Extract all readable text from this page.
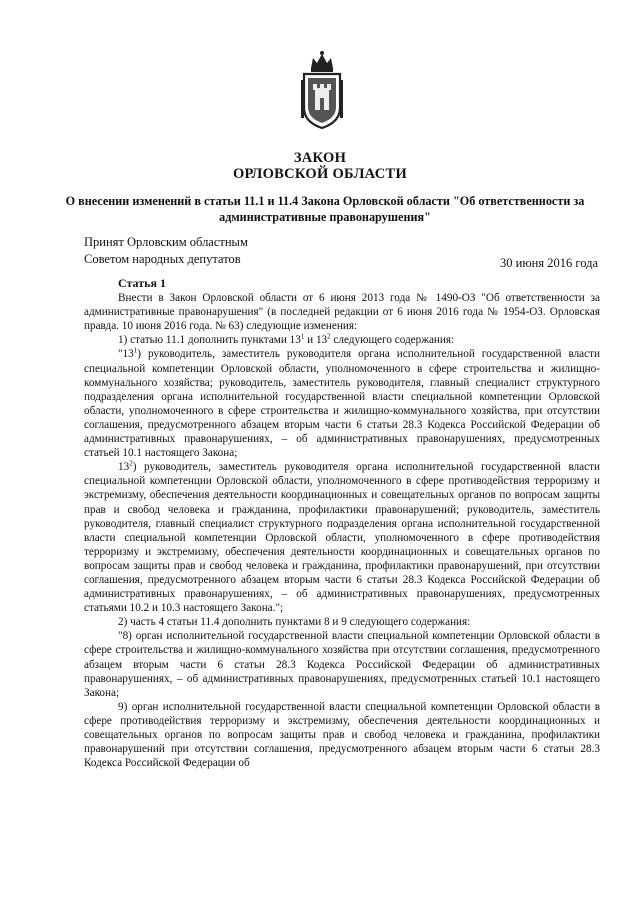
ЗАКОН
ОРЛОВСКОЙ ОБЛАСТИ
О внесении изменений в статьи 11.1 и 11.4 Закона Орловской области "Об ответственности за административные правонарушения"
Принят Орловским областным
Советом народных депутатов	30 июня 2016 года

Статья 1

Внести в Закон Орловской области от 6 июня 2013 года № 1490-ОЗ "Об ответственности за административные правонарушения" (в последней редакции от 6 июня 2016 года № 1954-ОЗ. Орловская правда. 10 июня 2016 года. № 63) следующие изменения:

1) статью 11.1 дополнить пунктами $13^1$ и $13^2$ следующего содержания:

"$13^1$) руководитель, заместитель руководителя органа исполнительной государственной власти специальной компетенции Орловской области, уполномоченного в сфере строительства и жилищно-коммунального хозяйства; руководитель, заместитель руководителя, главный специалист структурного подразделения органа исполнительной государственной власти специальной компетенции Орловской области, уполномоченного в сфере строительства и жилищно-коммунального хозяйства, при отсутствии соглашения, предусмотренного абзацем вторым части 6 статьи 28.3 Кодекса Российской Федерации об административных правонарушениях, – об административных правонарушениях, предусмотренных статьей 10.1 настоящего Закона;

$13^2$) руководитель, заместитель руководителя органа исполнительной государственной власти специальной компетенции Орловской области, уполномоченного в сфере противодействия терроризму и экстремизму, обеспечения деятельности координационных и совещательных органов по вопросам защиты прав и свобод человека и гражданина, профилактики правонарушений; руководитель, заместитель руководителя, главный специалист структурного подразделения органа исполнительной государственной власти специальной компетенции Орловской области, уполномоченного в сфере противодействия терроризму и экстремизму, обеспечения деятельности координационных и совещательных органов по вопросам защиты прав и свобод человека и гражданина, профилактики правонарушений, при отсутствии соглашения, предусмотренного абзацем вторым части 6 статьи 28.3 Кодекса Российской Федерации об административных правонарушениях, – об административных правонарушениях, предусмотренных статьями 10.2 и 10.3 настоящего Закона.";

2) часть 4 статьи 11.4 дополнить пунктами 8 и 9 следующего содержания:

"8) орган исполнительной государственной власти специальной компетенции Орловской области в сфере строительства и жилищно-коммунального хозяйства при отсутствии соглашения, предусмотренного абзацем вторым части 6 статьи 28.3 Кодекса Российской Федерации об административных правонарушениях, – об административных правонарушениях, предусмотренных статьей 10.1 настоящего Закона;

9) орган исполнительной государственной власти специальной компетенции Орловской области в сфере противодействия терроризму и экстремизму, обеспечения деятельности координационных и совещательных органов по вопросам защиты прав и свобод человека и гражданина, профилактики правонарушений при отсутствии соглашения, предусмотренного абзацем вторым части 6 статьи 28.3 Кодекса Российской Федерации об
